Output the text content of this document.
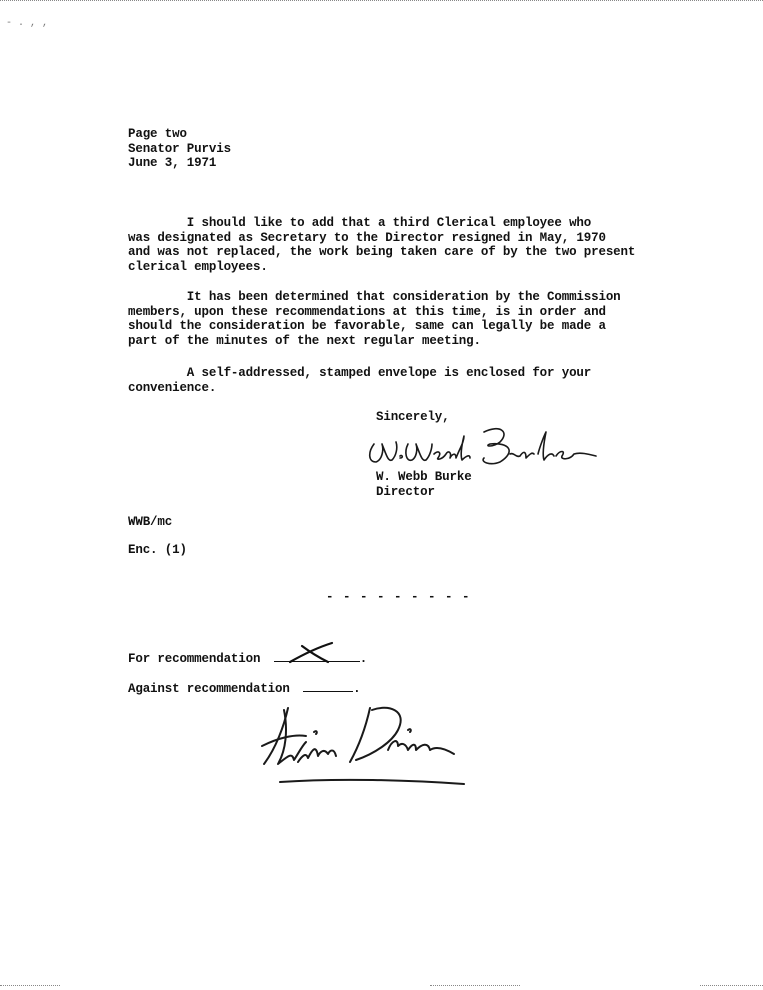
- . , ,
Page two
Senator Purvis
June 3, 1971
I should like to add that a third Clerical employee who
was designated as Secretary to the Director resigned in May, 1970
and was not replaced, the work being taken care of by the two present
clerical employees.
It has been determined that consideration by the Commission
members, upon these recommendations at this time, is in order and
should the consideration be favorable, same can legally be made a
part of the minutes of the next regular meeting.
A self-addressed, stamped envelope is enclosed for your
convenience.
Sincerely,
W. Webb Burke
Director
WWB/mc
Enc. (1)
- - - - - - - - -
For recommendation	.
Against recommendation	.
